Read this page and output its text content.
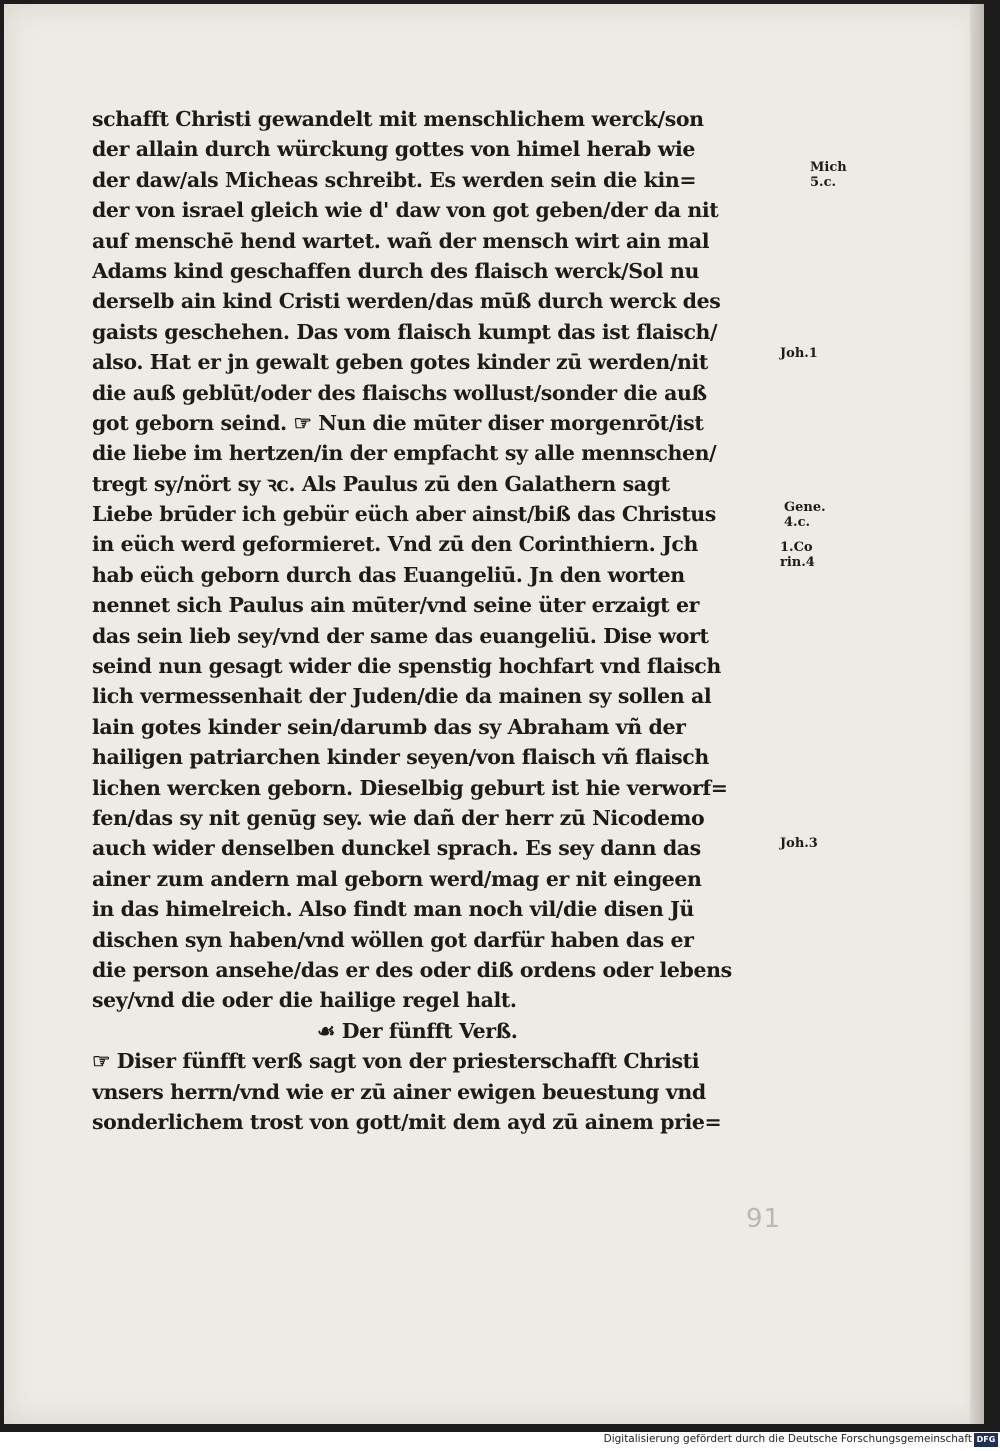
schafft Christi gewandelt mit menschlichem werck/son
der allain durch würckung gottes von himel herab wie
der daw/als Micheas schreibt. Es werden sein die kin=
der von israel gleich wie d' daw von got geben/der da nit
auf menschē hend wartet. wañ der mensch wirt ain mal
Adams kind geschaffen durch des flaisch werck/Sol nu
derselb ain kind Cristi werden/das mūß durch werck des
gaists geschehen. Das vom flaisch kumpt das ist flaisch/
also. Hat er jn gewalt geben gotes kinder zū werden/nit
die auß geblūt/oder des flaischs wollust/sonder die auß
got geborn seind. ☞ Nun die mūter diser morgenrōt/ist
die liebe im hertzen/in der empfacht sy alle mennschen/
tregt sy/nört sy ꝛc. Als Paulus zū den Galathern sagt
Liebe brūder ich gebür eüch aber ainst/biß das Christus
in eüch werd geformieret. Vnd zū den Corinthiern. Jch
hab eüch geborn durch das Euangeliū. Jn den worten
nennet sich Paulus ain mūter/vnd seine üter erzaigt er
das sein lieb sey/vnd der same das euangeliū. Dise wort
seind nun gesagt wider die spenstig hochfart vnd flaisch
lich vermessenhait der Juden/die da mainen sy sollen al
lain gotes kinder sein/darumb das sy Abraham vñ der
hailigen patriarchen kinder seyen/von flaisch vñ flaisch
lichen wercken geborn. Dieselbig geburt ist hie verworf=
fen/das sy nit genūg sey. wie dañ der herr zū Nicodemo
auch wider denselben dunckel sprach. Es sey dann das
ainer zum andern mal geborn werd/mag er nit eingeen
in das himelreich. Also findt man noch vil/die disen Jü
dischen syn haben/vnd wöllen got darfür haben das er
die person ansehe/das er des oder diß ordens oder lebens
sey/vnd die oder die hailige regel halt.
☙ Der fünfft Verß.
☞ Diser fünfft verß sagt von der priesterschafft Christi
vnsers herrn/vnd wie er zū ainer ewigen beuestung vnd
sonderlichem trost von gott/mit dem ayd zū ainem prie=
Mich
5.c.
Joh.1
Gene.
4.c.
1.Co
rin.4
Joh.3
91
Digitalisierung gefördert durch die Deutsche Forschungsgemeinschaft DFG
